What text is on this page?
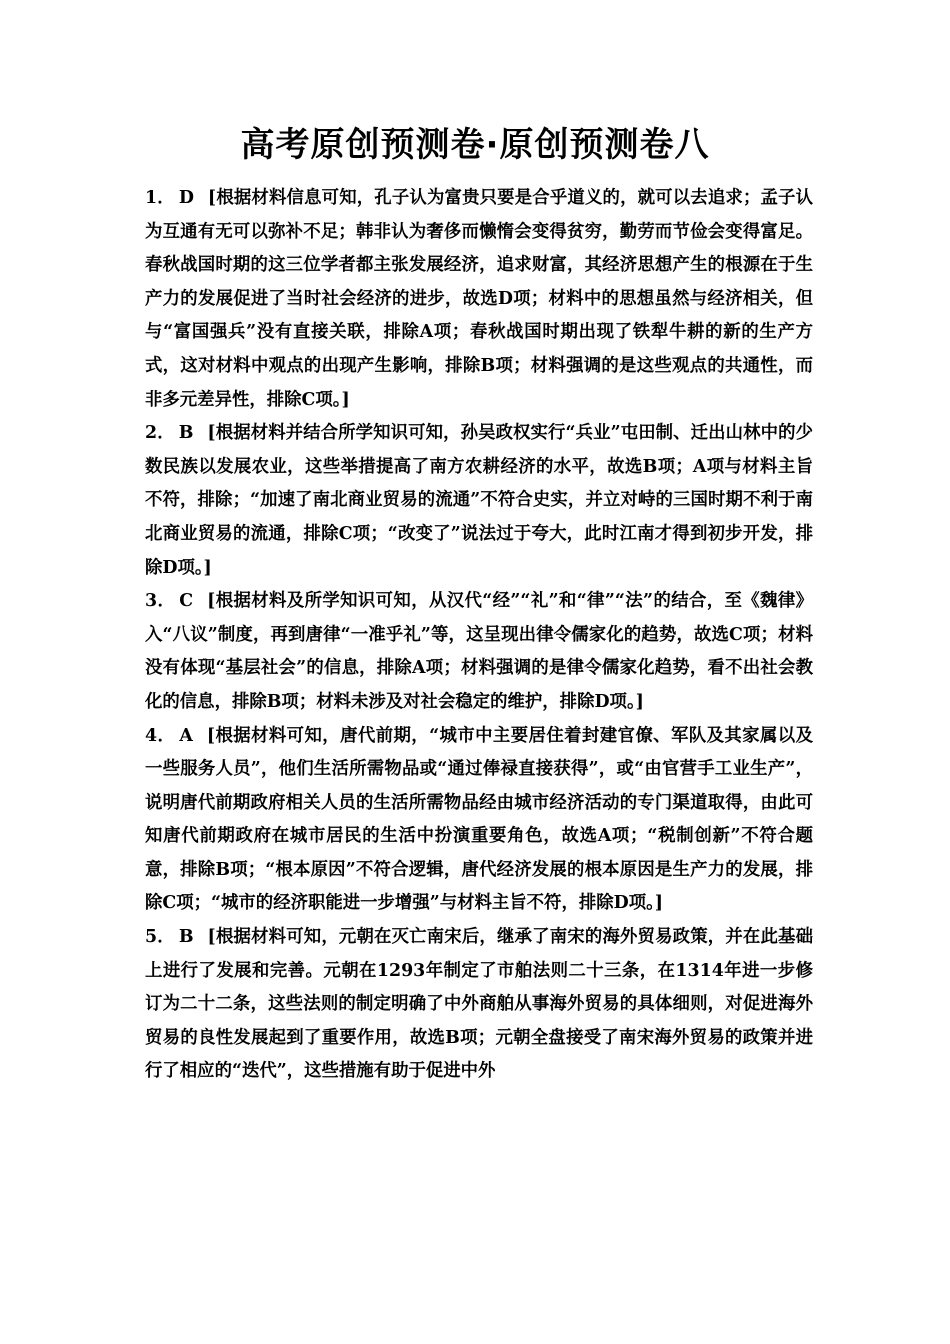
高考原创预测卷·原创预测卷八

1． D [根据材料信息可知，孔子认为富贵只要是合乎道义的，就可以去追求；孟子认为互通有无可以弥补不足；韩非认为奢侈而懒惰会变得贫穷，勤劳而节俭会变得富足。春秋战国时期的这三位学者都主张发展经济，追求财富，其经济思想产生的根源在于生产力的发展促进了当时社会经济的进步，故选D项；材料中的思想虽然与经济相关，但与“富国强兵”没有直接关联，排除A项；春秋战国时期出现了铁犁牛耕的新的生产方式，这对材料中观点的出现产生影响，排除B项；材料强调的是这些观点的共通性，而非多元差异性，排除C项。]

2． B [根据材料并结合所学知识可知，孙吴政权实行“兵业”屯田制、迁出山林中的少数民族以发展农业，这些举措提高了南方农耕经济的水平，故选B项；A项与材料主旨不符，排除；“加速了南北商业贸易的流通”不符合史实，并立对峙的三国时期不利于南北商业贸易的流通，排除C项；“改变了”说法过于夸大，此时江南才得到初步开发，排除D项。]

3． C [根据材料及所学知识可知，从汉代“经”“礼”和“律”“法”的结合，至《魏律》入“八议”制度，再到唐律“一准乎礼”等，这呈现出律令儒家化的趋势，故选C项；材料没有体现“基层社会”的信息，排除A项；材料强调的是律令儒家化趋势，看不出社会教化的信息，排除B项；材料未涉及对社会稳定的维护，排除D项。]

4． A [根据材料可知，唐代前期，“城市中主要居住着封建官僚、军队及其家属以及一些服务人员”，他们生活所需物品或“通过俸禄直接获得”，或“由官营手工业生产”，说明唐代前期政府相关人员的生活所需物品经由城市经济活动的专门渠道取得，由此可知唐代前期政府在城市居民的生活中扮演重要角色，故选A项；“税制创新”不符合题意，排除B项；“根本原因”不符合逻辑，唐代经济发展的根本原因是生产力的发展，排除C项；“城市的经济职能进一步增强”与材料主旨不符，排除D项。]

5． B [根据材料可知，元朝在灭亡南宋后，继承了南宋的海外贸易政策，并在此基础上进行了发展和完善。元朝在1293年制定了市舶法则二十三条，在1314年进一步修订为二十二条，这些法则的制定明确了中外商舶从事海外贸易的具体细则，对促进海外贸易的良性发展起到了重要作用，故选B项；元朝全盘接受了南宋海外贸易的政策并进行了相应的“迭代”，这些措施有助于促进中外
